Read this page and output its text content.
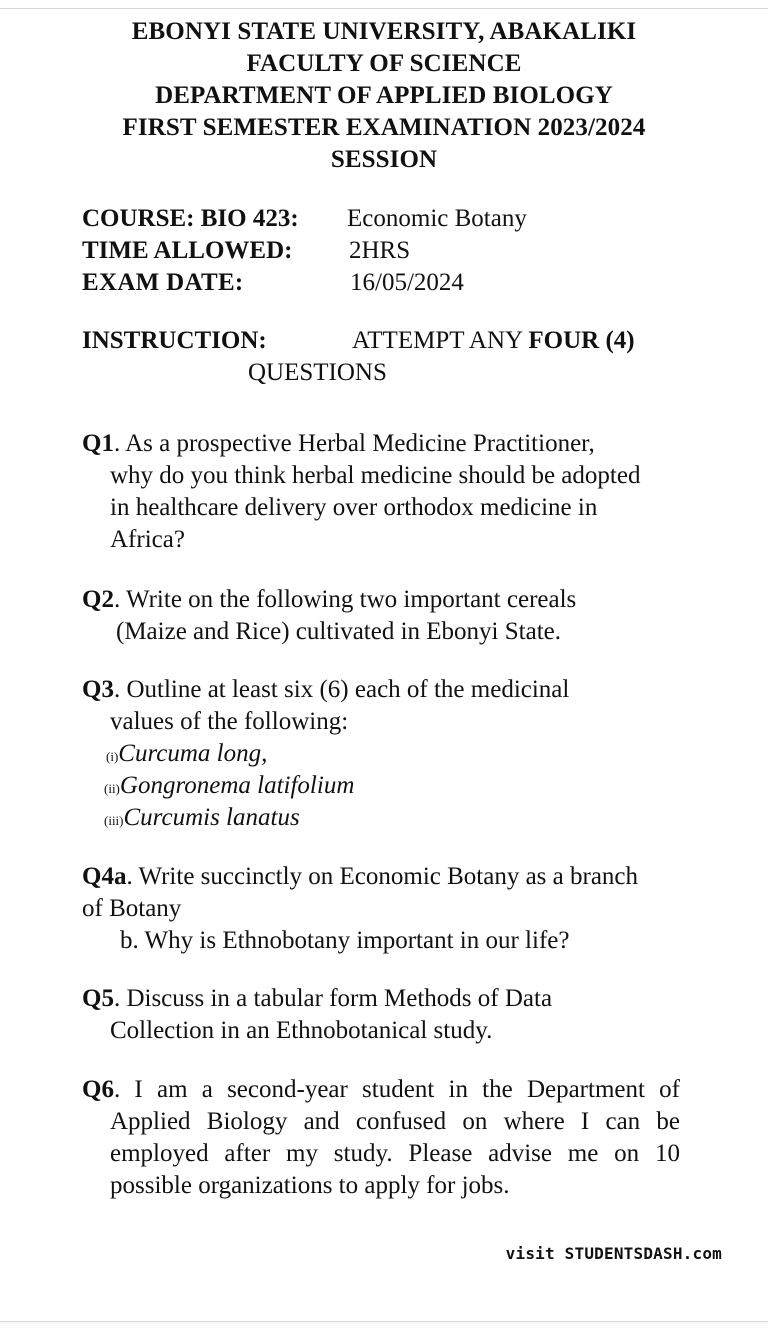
EBONYI STATE UNIVERSITY, ABAKALIKI
FACULTY OF SCIENCE
DEPARTMENT OF APPLIED BIOLOGY
FIRST SEMESTER EXAMINATION 2023/2024
SESSION
COURSE: BIO 423: Economic Botany
TIME ALLOWED: 2HRS
EXAM DATE:	16/05/2024
INSTRUCTION:	ATTEMPT ANY FOUR (4)
QUESTIONS
Q1. As a prospective Herbal Medicine Practitioner,
why do you think herbal medicine should be adopted
in healthcare delivery over orthodox medicine in
Africa?
Q2. Write on the following two important cereals
(Maize and Rice) cultivated in Ebonyi State.
Q3. Outline at least six (6) each of the medicinal
values of the following:
(i)Curcuma long,
(ii)Gongronema latifolium
(iii)Curcumis lanatus
Q4a. Write succinctly on Economic Botany as a branch
of Botany
b. Why is Ethnobotany important in our life?
Q5. Discuss in a tabular form Methods of Data
Collection in an Ethnobotanical study.
Q6. I am a second-year student in the Department of
Applied Biology and confused on where I can be
employed after my study. Please advise me on 10
possible organizations to apply for jobs.
visit STUDENTSDASH.com
